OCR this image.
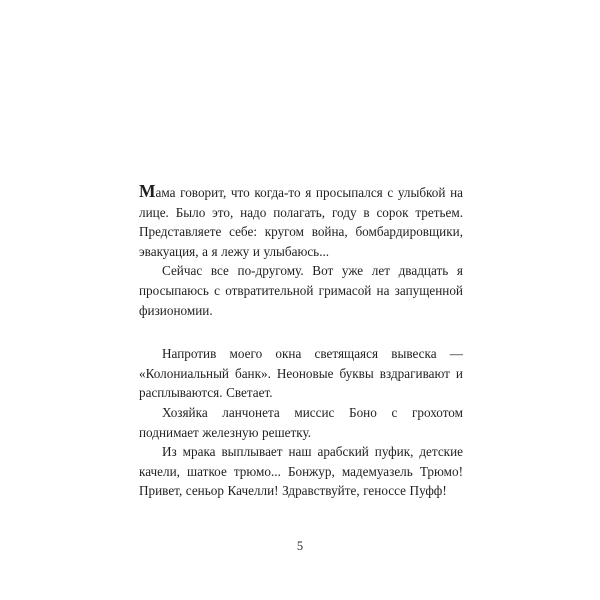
Мама говорит, что когда-то я просыпался с улыбкой на лице. Было это, надо полагать, году в сорок третьем. Представляете себе: кругом война, бомбардировщики, эвакуация, а я лежу и улыбаюсь...

Сейчас все по-другому. Вот уже лет двадцать я просыпаюсь с отвратительной гримасой на запущенной физиономии.

Напротив моего окна светящаяся вывеска — «Колониальный банк». Неоновые буквы вздрагивают и расплываются. Светает.

Хозяйка ланчонета миссис Боно с грохотом поднимает железную решетку.

Из мрака выплывает наш арабский пуфик, детские качели, шаткое трюмо... Бонжур, мадемуазель Трюмо! Привет, сеньор Качелли! Здравствуйте, геноссе Пуфф!

5
